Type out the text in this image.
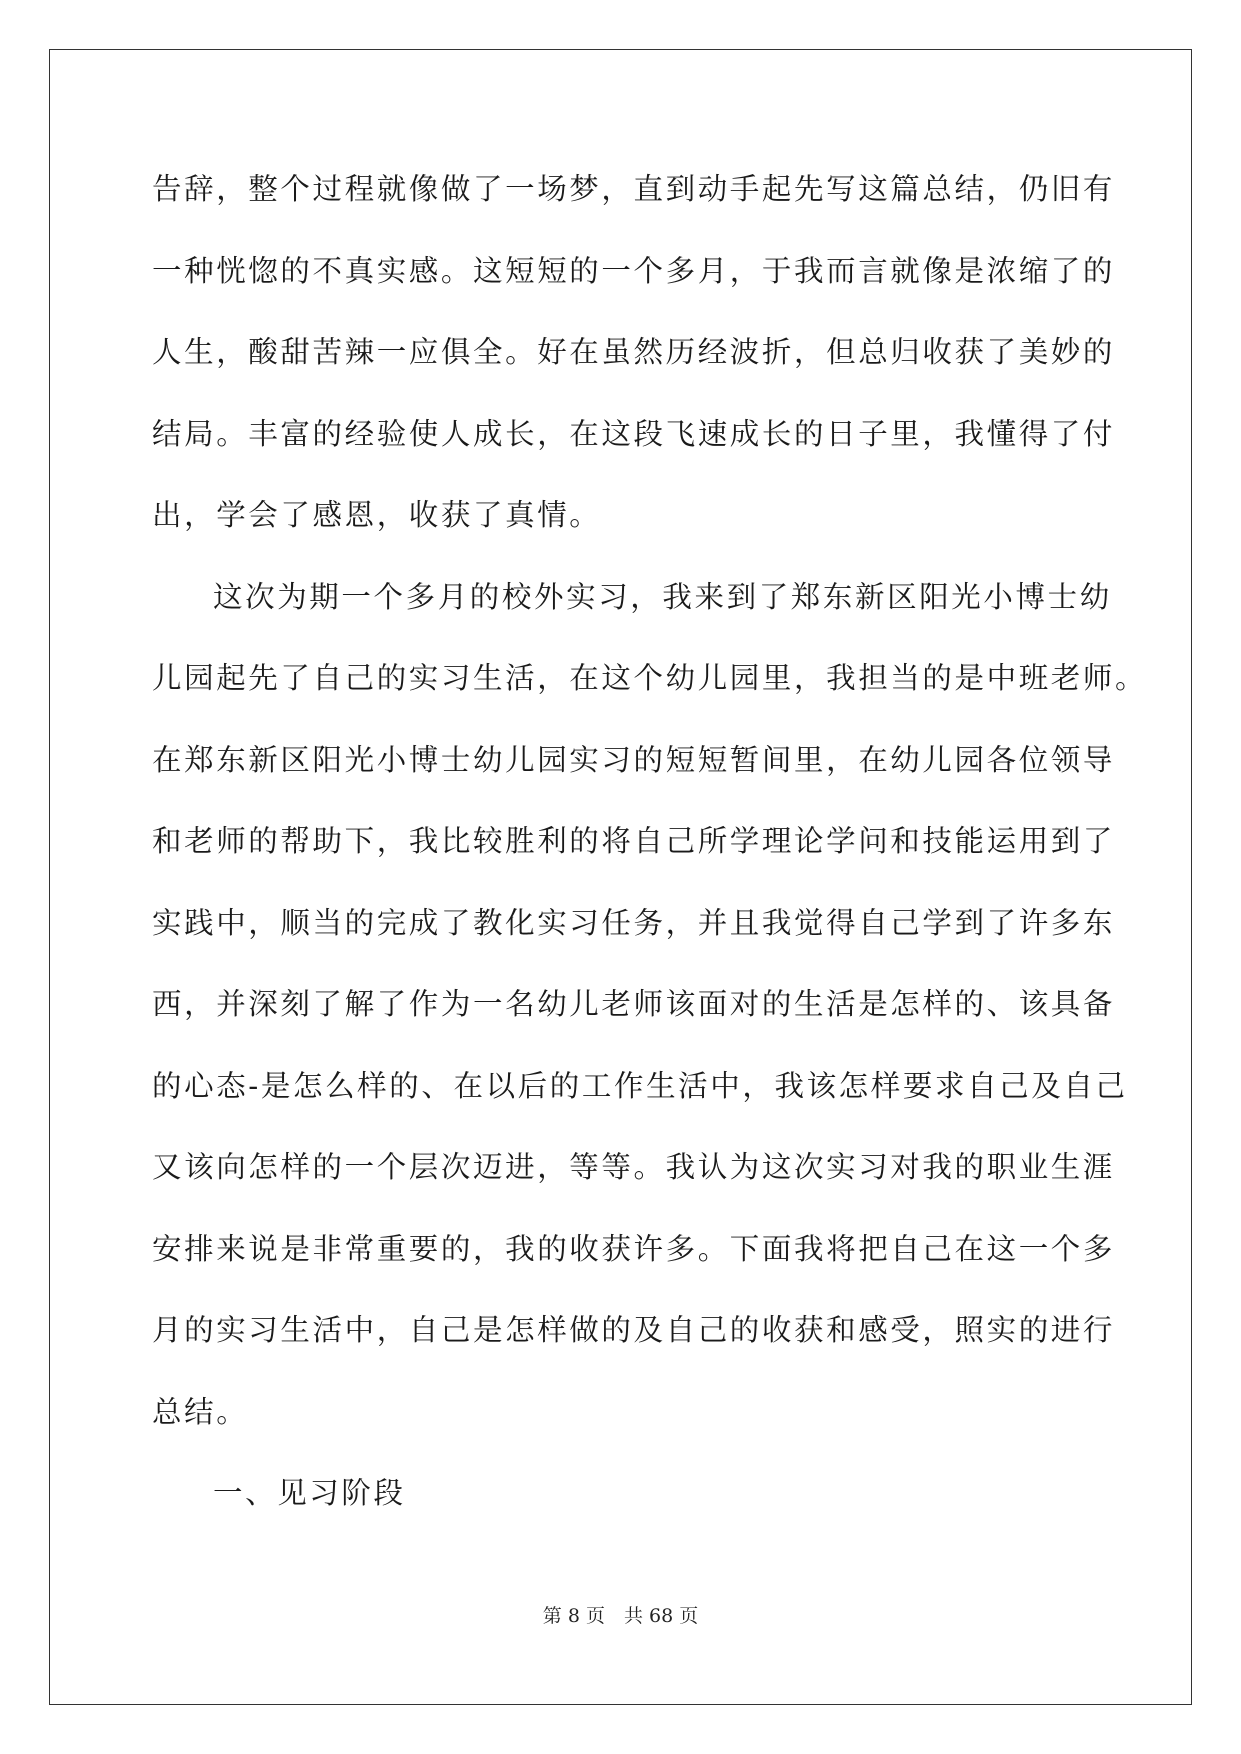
告辞，整个过程就像做了一场梦，直到动手起先写这篇总结，仍旧有
一种恍惚的不真实感。这短短的一个多月，于我而言就像是浓缩了的
人生，酸甜苦辣一应俱全。好在虽然历经波折，但总归收获了美妙的
结局。丰富的经验使人成长，在这段飞速成长的日子里，我懂得了付
出，学会了感恩，收获了真情。
这次为期一个多月的校外实习，我来到了郑东新区阳光小博士幼
儿园起先了自己的实习生活，在这个幼儿园里，我担当的是中班老师。
在郑东新区阳光小博士幼儿园实习的短短暂间里，在幼儿园各位领导
和老师的帮助下，我比较胜利的将自己所学理论学问和技能运用到了
实践中，顺当的完成了教化实习任务，并且我觉得自己学到了许多东
西，并深刻了解了作为一名幼儿老师该面对的生活是怎样的、该具备
的心态-是怎么样的、在以后的工作生活中，我该怎样要求自己及自己
又该向怎样的一个层次迈进，等等。我认为这次实习对我的职业生涯
安排来说是非常重要的，我的收获许多。下面我将把自己在这一个多
月的实习生活中，自己是怎样做的及自己的收获和感受，照实的进行
总结。
一、见习阶段
第 8 页　共 68 页
